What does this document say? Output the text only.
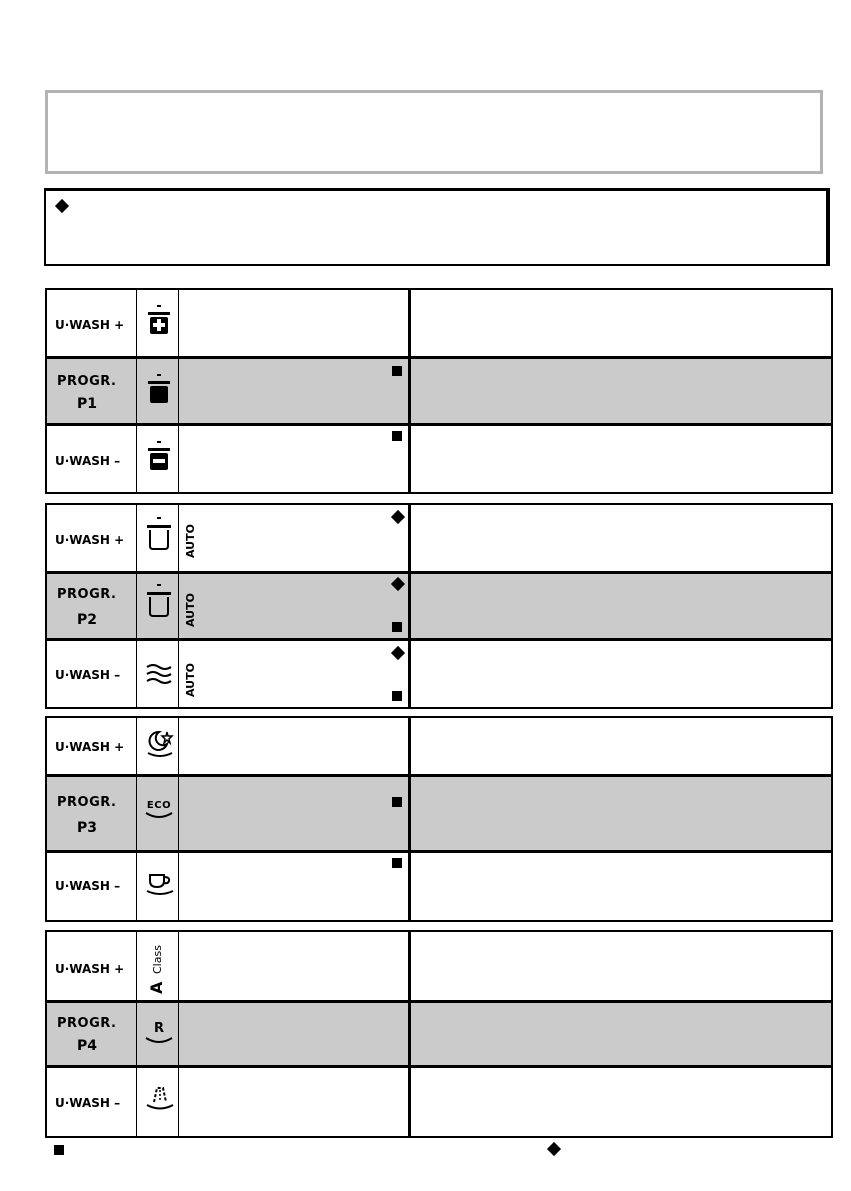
U·WASH +
PROGR.
P1
U·WASH –
U·WASH +	AUTO
PROGR.
P2	AUTO
U·WASH –	AUTO
U·WASH +
PROGR.
P3
ECO
U·WASH –
U·WASH +
A
Class
PROGR.
P4
R
U·WASH –
